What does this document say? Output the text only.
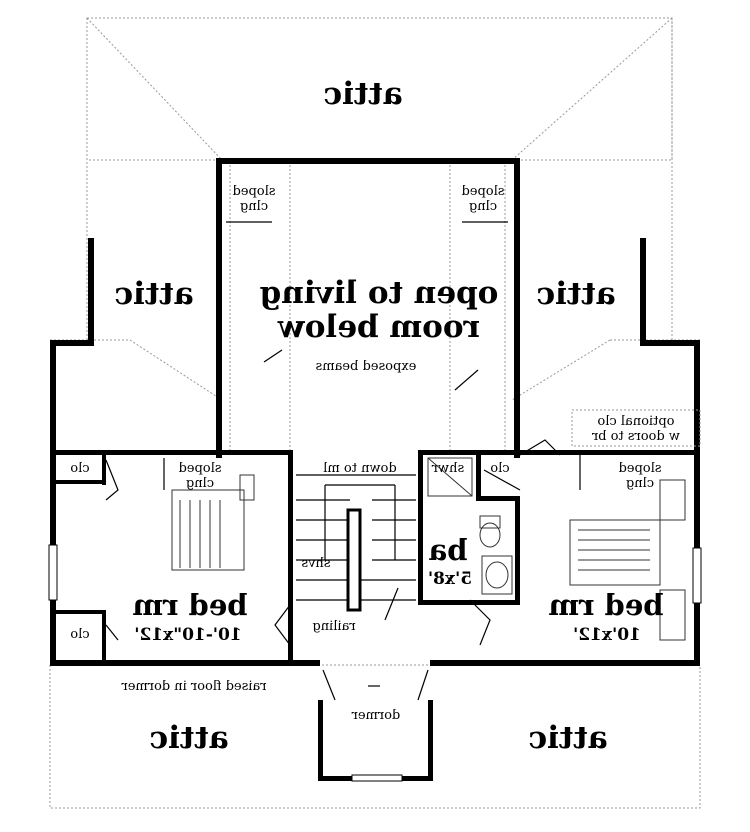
attic
attic	attic
attic	attic
open to living
room below
exposed beams
sloped
clng
sloped
clng
sloped
clng
sloped
clng
optional clo
w doors to br
clo
clo
clo
shwr
down to ml
shvs
railing
ba
5'x8'
bed rm
10'-10"x12'
bed rm
10'x12'
raised floor in dormer
dormer
